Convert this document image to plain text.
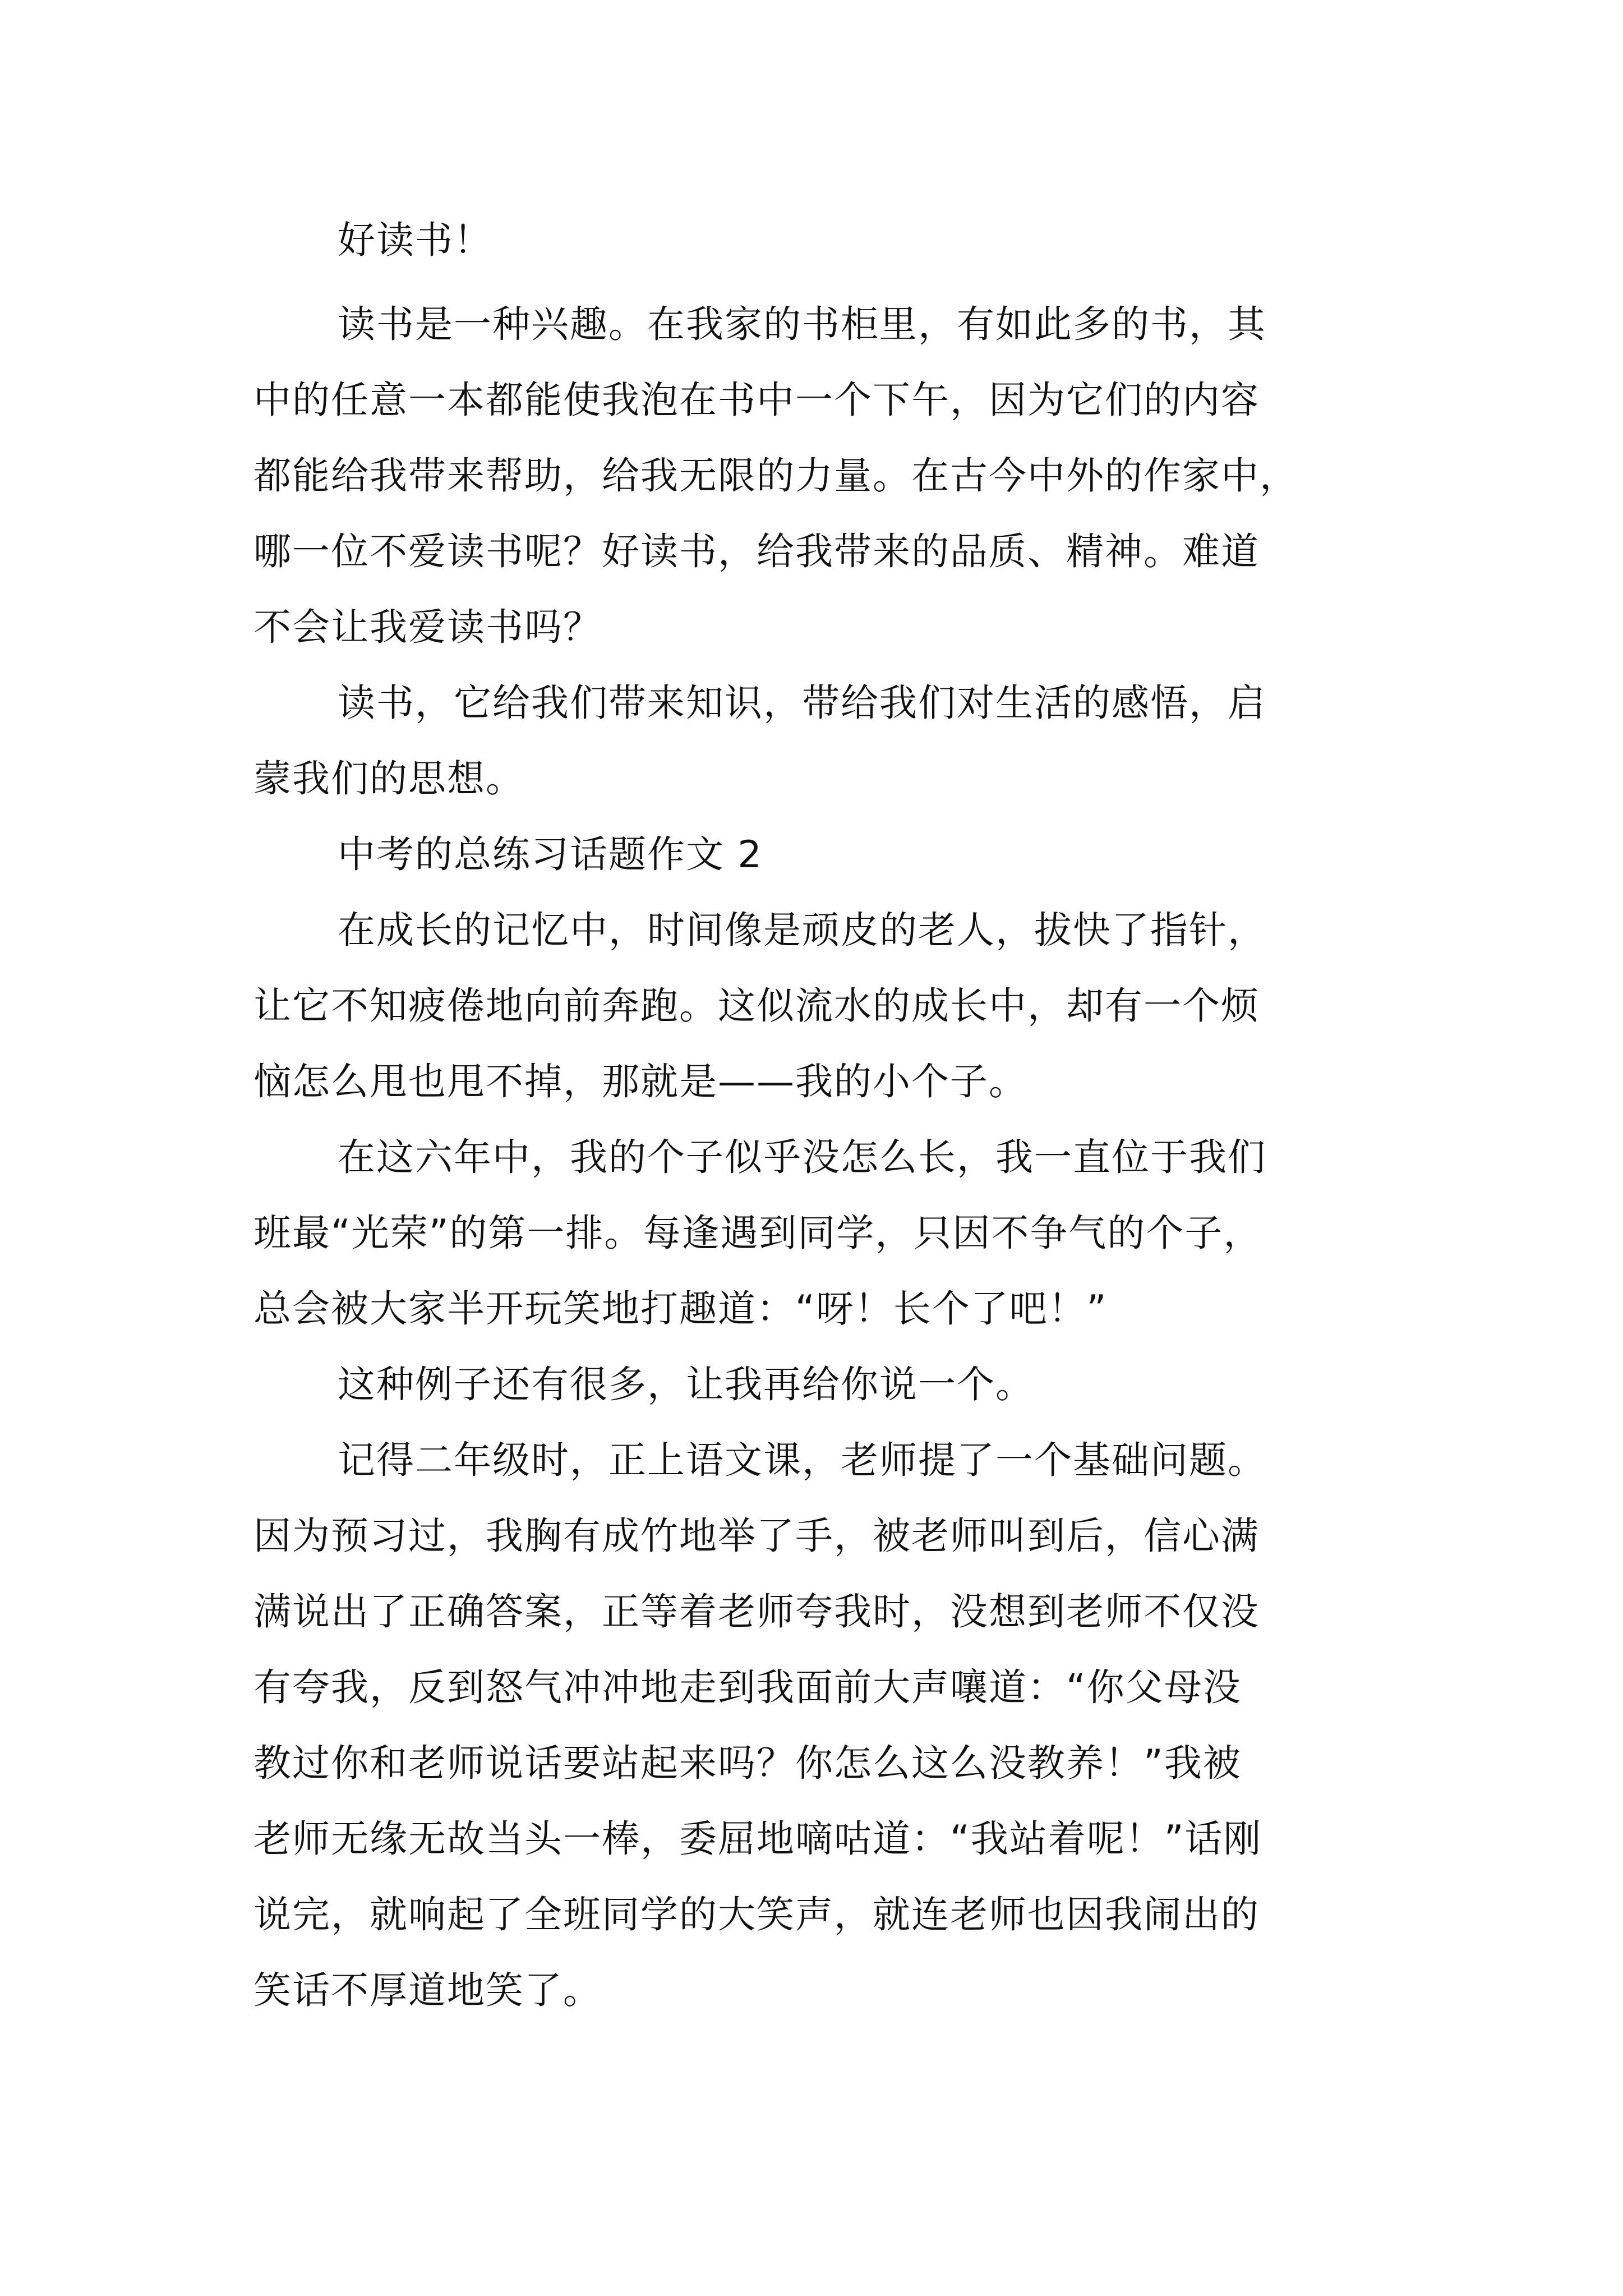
好读书！
读书是一种兴趣。在我家的书柜里，有如此多的书，其
中的任意一本都能使我泡在书中一个下午，因为它们的内容
都能给我带来帮助，给我无限的力量。在古今中外的作家中，
哪一位不爱读书呢？好读书，给我带来的品质、精神。难道
不会让我爱读书吗？
读书，它给我们带来知识，带给我们对生活的感悟，启
蒙我们的思想。
中考的总练习话题作文 2
在成长的记忆中，时间像是顽皮的老人，拔快了指针，
让它不知疲倦地向前奔跑。这似流水的成长中，却有一个烦
恼怎么甩也甩不掉，那就是——我的小个子。
在这六年中，我的个子似乎没怎么长，我一直位于我们
班最“光荣”的第一排。每逢遇到同学，只因不争气的个子，
总会被大家半开玩笑地打趣道：“呀！长个了吧！”
这种例子还有很多，让我再给你说一个。
记得二年级时，正上语文课，老师提了一个基础问题。
因为预习过，我胸有成竹地举了手，被老师叫到后，信心满
满说出了正确答案，正等着老师夸我时，没想到老师不仅没
有夸我，反到怒气冲冲地走到我面前大声嚷道：“你父母没
教过你和老师说话要站起来吗？你怎么这么没教养！”我被
老师无缘无故当头一棒，委屈地嘀咕道：“我站着呢！”话刚
说完，就响起了全班同学的大笑声，就连老师也因我闹出的
笑话不厚道地笑了。
